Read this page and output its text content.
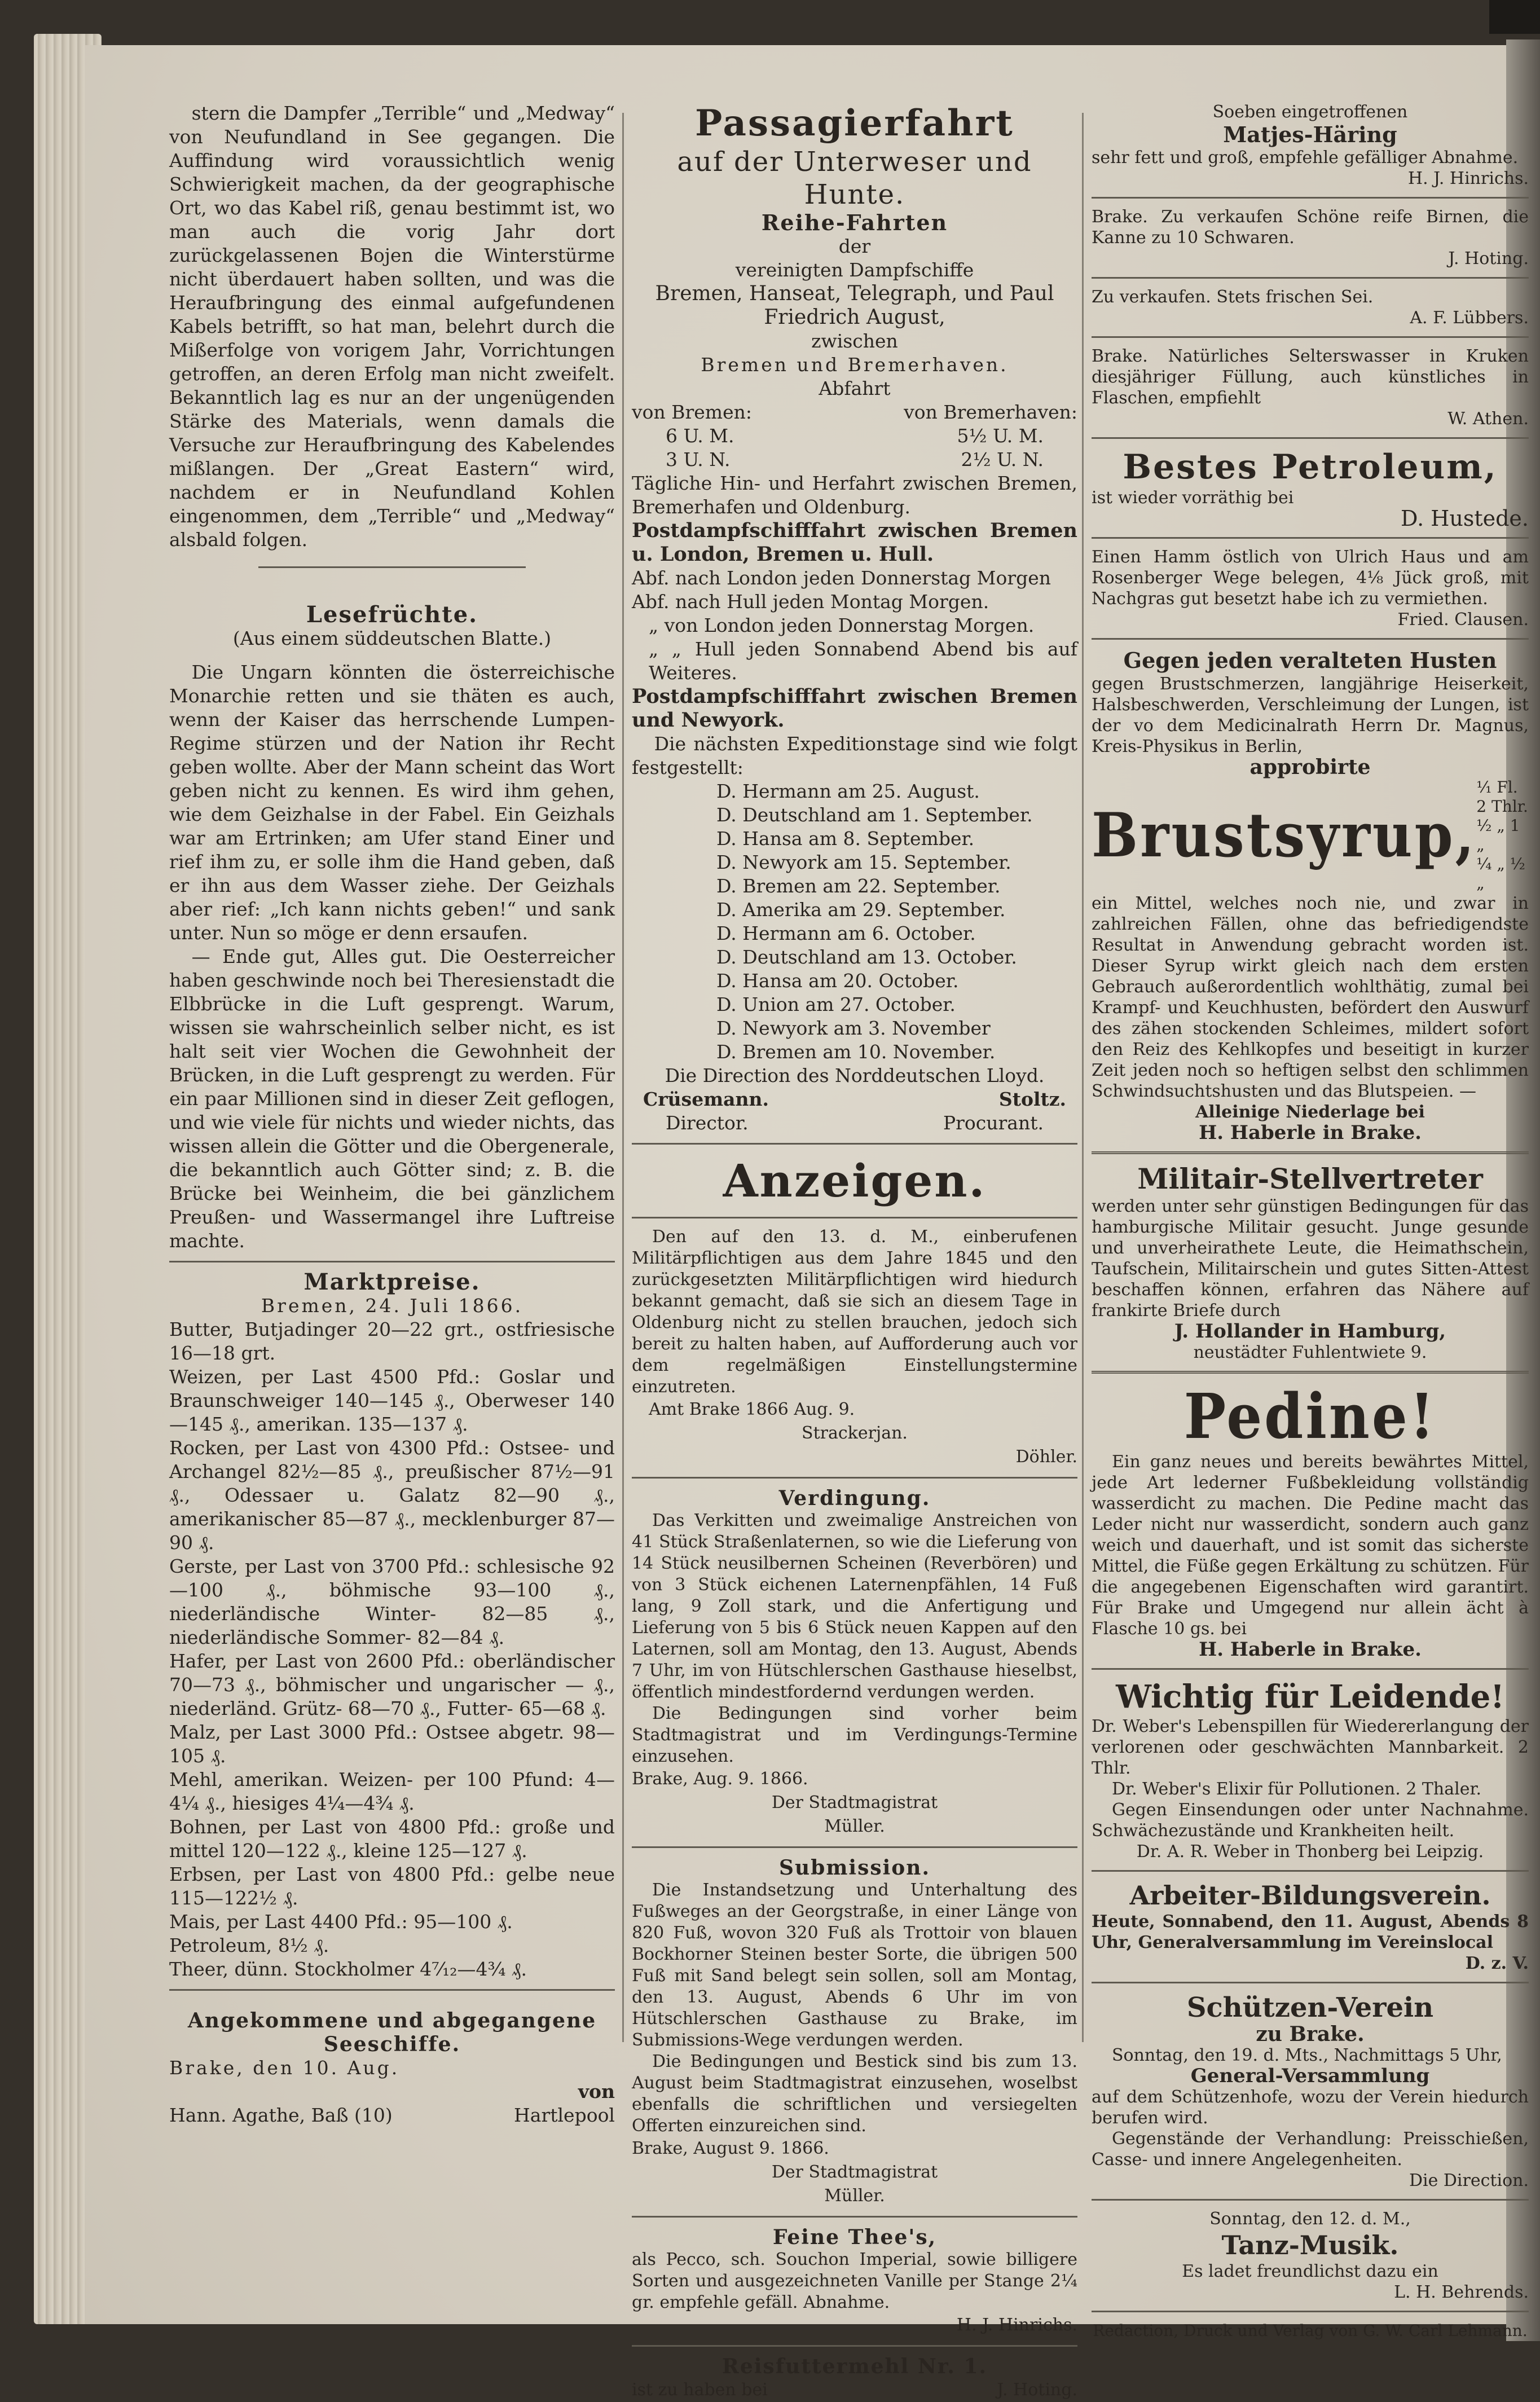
stern die Dampfer „Terrible“ und „Medway“ von Neufundland in See gegangen. Die Auffindung wird voraussichtlich wenig Schwierigkeit machen, da der geographische Ort, wo das Kabel riß, genau bestimmt ist, wo man auch die vorig Jahr dort zurückgelassenen Bojen die Winterstürme nicht überdauert haben sollten, und was die Heraufbringung des einmal aufgefundenen Kabels betrifft, so hat man, belehrt durch die Mißerfolge von vorigem Jahr, Vorrichtungen getroffen, an deren Erfolg man nicht zweifelt. Bekanntlich lag es nur an der ungenügenden Stärke des Materials, wenn damals die Versuche zur Heraufbringung des Kabelendes mißlangen. Der „Great Eastern“ wird, nachdem er in Neufundland Kohlen eingenommen, dem „Terrible“ und „Medway“ alsbald folgen.

Lesefrüchte.

(Aus einem süddeutschen Blatte.)

Die Ungarn könnten die österreichische Monarchie retten und sie thäten es auch, wenn der Kaiser das herrschende Lumpen-Regime stürzen und der Nation ihr Recht geben wollte. Aber der Mann scheint das Wort geben nicht zu kennen. Es wird ihm gehen, wie dem Geizhalse in der Fabel. Ein Geizhals war am Ertrinken; am Ufer stand Einer und rief ihm zu, er solle ihm die Hand geben, daß er ihn aus dem Wasser ziehe. Der Geizhals aber rief: „Ich kann nichts geben!“ und sank unter. Nun so möge er denn ersaufen.

— Ende gut, Alles gut. Die Oesterreicher haben geschwinde noch bei Theresienstadt die Elbbrücke in die Luft gesprengt. Warum, wissen sie wahrscheinlich selber nicht, es ist halt seit vier Wochen die Gewohnheit der Brücken, in die Luft gesprengt zu werden. Für ein paar Millionen sind in dieser Zeit geflogen, und wie viele für nichts und wieder nichts, das wissen allein die Götter und die Obergenerale, die bekanntlich auch Götter sind; z. B. die Brücke bei Weinheim, die bei gänzlichem Preußen- und Wassermangel ihre Luftreise machte.

Marktpreise.

Bremen, 24. Juli 1866.

Butter, Butjadinger 20—22 grt., ostfriesische 16—18 grt.

Weizen, per Last 4500 Pfd.: Goslar und Braunschweiger 140—145 ₰., Oberweser 140—145 ₰., amerikan. 135—137 ₰.

Rocken, per Last von 4300 Pfd.: Ostsee- und Archangel 82½—85 ₰., preußischer 87½—91 ₰., Odessaer u. Galatz 82—90 ₰., amerikanischer 85—87 ₰., mecklenburger 87—90 ₰.

Gerste, per Last von 3700 Pfd.: schlesische 92—100 ₰., böhmische 93—100 ₰., niederländische Winter- 82—85 ₰., niederländische Sommer- 82—84 ₰.

Hafer, per Last von 2600 Pfd.: oberländischer 70—73 ₰., böhmischer und ungarischer — ₰., niederländ. Grütz- 68—70 ₰., Futter- 65—68 ₰.

Malz, per Last 3000 Pfd.: Ostsee abgetr. 98—105 ₰.

Mehl, amerikan. Weizen- per 100 Pfund: 4—4¼ ₰., hiesiges 4¼—4¾ ₰.

Bohnen, per Last von 4800 Pfd.: große und mittel 120—122 ₰., kleine 125—127 ₰.

Erbsen, per Last von 4800 Pfd.: gelbe neue 115—122½ ₰.

Mais, per Last 4400 Pfd.: 95—100 ₰.

Petroleum, 8½ ₰.

Theer, dünn. Stockholmer 4⁷⁄₁₂—4¾ ₰.

Angekommene und abgegangene Seeschiffe.

Brake, den 10. Aug.

von

Hann. Agathe, Baß (10)	Hartlepool

Passagierfahrt

auf der Unterweser und Hunte.

Reihe-Fahrten

der

vereinigten Dampfschiffe

Bremen, Hanseat, Telegraph, und Paul Friedrich August,

zwischen

Bremen und Bremerhaven.

Abfahrt

von Bremen:	von Bremerhaven:
6 U. M.	5½ U. M.
3 U. N.	2½ U. N.

Tägliche Hin- und Herfahrt zwischen Bremen, Bremerhafen und Oldenburg.

Postdampfschifffahrt zwischen Bremen u. London, Bremen u. Hull.

Abf. nach London jeden Donnerstag Morgen

Abf. nach Hull jeden Montag Morgen.

„ von London jeden Donnerstag Morgen.

„ „ Hull jeden Sonnabend Abend bis auf Weiteres.

Postdampfschifffahrt zwischen Bremen und Newyork.

Die nächsten Expeditionstage sind wie folgt festgestellt:

D. Hermann am 25. August.

D. Deutschland am 1. September.

D. Hansa am 8. September.

D. Newyork am 15. September.

D. Bremen am 22. September.

D. Amerika am 29. September.

D. Hermann am 6. October.

D. Deutschland am 13. October.

D. Hansa am 20. October.

D. Union am 27. October.

D. Newyork am 3. November

D. Bremen am 10. November.

Die Direction des Norddeutschen Lloyd.

Crüsemann.	Stoltz.
Director.	Procurant.

Anzeigen.

Den auf den 13. d. M., einberufenen Militärpflichtigen aus dem Jahre 1845 und den zurückgesetzten Militärpflichtigen wird hiedurch bekannt gemacht, daß sie sich an diesem Tage in Oldenburg nicht zu stellen brauchen, jedoch sich bereit zu halten haben, auf Aufforderung auch vor dem regelmäßigen Einstellungstermine einzutreten.

Amt Brake 1866 Aug. 9.

Strackerjan.

Döhler.

Verdingung.

Das Verkitten und zweimalige Anstreichen von 41 Stück Straßenlaternen, so wie die Lieferung von 14 Stück neusilbernen Scheinen (Reverbören) und von 3 Stück eichenen Laternenpfählen, 14 Fuß lang, 9 Zoll stark, und die Anfertigung und Lieferung von 5 bis 6 Stück neuen Kappen auf den Laternen, soll am Montag, den 13. August, Abends 7 Uhr, im von Hütschlerschen Gasthause hieselbst, öffentlich mindestfordernd verdungen werden.

Die Bedingungen sind vorher beim Stadtmagistrat und im Verdingungs-Termine einzusehen.

Brake, Aug. 9. 1866.

Der Stadtmagistrat

Müller.

Submission.

Die Instandsetzung und Unterhaltung des Fußweges an der Georgstraße, in einer Länge von 820 Fuß, wovon 320 Fuß als Trottoir von blauen Bockhorner Steinen bester Sorte, die übrigen 500 Fuß mit Sand belegt sein sollen, soll am Montag, den 13. August, Abends 6 Uhr im von Hütschlerschen Gasthause zu Brake, im Submissions-Wege verdungen werden.

Die Bedingungen und Bestick sind bis zum 13. August beim Stadtmagistrat einzusehen, woselbst ebenfalls die schriftlichen und versiegelten Offerten einzureichen sind.

Brake, August 9. 1866.

Der Stadtmagistrat

Müller.

Feine Thee's,

als Pecco, sch. Souchon Imperial, sowie billigere Sorten und ausgezeichneten Vanille per Stange 2¼ gr. empfehle gefäll. Abnahme.

H. J. Hinrichs.

Reisfuttermehl Nr. 1.

ist zu haben bei	J. Hoting.

Soeben eingetroffenen

Matjes-Häring

sehr fett und groß, empfehle gefälliger Abnahme.

H. J. Hinrichs.

Brake. Zu verkaufen Schöne reife Birnen, die Kanne zu 10 Schwaren.

J. Hoting.

Zu verkaufen. Stets frischen Sei.

A. F. Lübbers.

Brake. Natürliches Selterswasser in Kruken diesjähriger Füllung, auch künstliches in Flaschen, empfiehlt

W. Athen.

Bestes Petroleum,

ist wieder vorräthig bei

D. Hustede.

Einen Hamm östlich von Ulrich Haus und am Rosenberger Wege belegen, 4⅛ Jück groß, mit Nachgras gut besetzt habe ich zu vermiethen.

Fried. Clausen.

Gegen jeden veralteten Husten

gegen Brustschmerzen, langjährige Heiserkeit, Halsbeschwerden, Verschleimung der Lungen, ist der vo dem Medicinalrath Herrn Dr. Magnus, Kreis-Physikus in Berlin,

approbirte

Brustsyrup,
¹⁄₁ Fl. 2 Thlr.
¹⁄₂ „ 1 „
¹⁄₄ „ ½ „

ein Mittel, welches noch nie, und zwar in zahlreichen Fällen, ohne das befriedigendste Resultat in Anwendung gebracht worden ist. Dieser Syrup wirkt gleich nach dem ersten Gebrauch außerordentlich wohlthätig, zumal bei Krampf- und Keuchhusten, befördert den Auswurf des zähen stockenden Schleimes, mildert sofort den Reiz des Kehlkopfes und beseitigt in kurzer Zeit jeden noch so heftigen selbst den schlimmen Schwindsuchtshusten und das Blutspeien. —

Alleinige Niederlage bei

H. Haberle in Brake.

Militair-Stellvertreter

werden unter sehr günstigen Bedingungen für das hamburgische Militair gesucht. Junge gesunde und unverheirathete Leute, die Heimathschein, Taufschein, Militairschein und gutes Sitten-Attest beschaffen können, erfahren das Nähere auf frankirte Briefe durch

J. Hollander in Hamburg,

neustädter Fuhlentwiete 9.

Pedine!

Ein ganz neues und bereits bewährtes Mittel, jede Art lederner Fußbekleidung vollständig wasserdicht zu machen. Die Pedine macht das Leder nicht nur wasserdicht, sondern auch ganz weich und dauerhaft, und ist somit das sicherste Mittel, die Füße gegen Erkältung zu schützen. Für die angegebenen Eigenschaften wird garantirt. Für Brake und Umgegend nur allein ächt à Flasche 10 gs. bei

H. Haberle in Brake.

Wichtig für Leidende!

Dr. Weber's Lebenspillen für Wiedererlangung der verlorenen oder geschwächten Mannbarkeit. 2 Thlr.

Dr. Weber's Elixir für Pollutionen. 2 Thaler.

Gegen Einsendungen oder unter Nachnahme. Schwächezustände und Krankheiten heilt.

Dr. A. R. Weber in Thonberg bei Leipzig.

Arbeiter-Bildungsverein.

Heute, Sonnabend, den 11. August, Abends 8 Uhr, Generalversammlung im Vereinslocal

D. z. V.

Schützen-Verein

zu Brake.

Sonntag, den 19. d. Mts., Nachmittags 5 Uhr,

General-Versammlung

auf dem Schützenhofe, wozu der Verein hiedurch berufen wird.

Gegenstände der Verhandlung: Preisschießen, Casse- und innere Angelegenheiten.

Die Direction.

Sonntag, den 12. d. M.,

Tanz-Musik.

Es ladet freundlichst dazu ein

L. H. Behrends.

Redaction, Druck und Verlag von G. W. Carl Lehmann.
